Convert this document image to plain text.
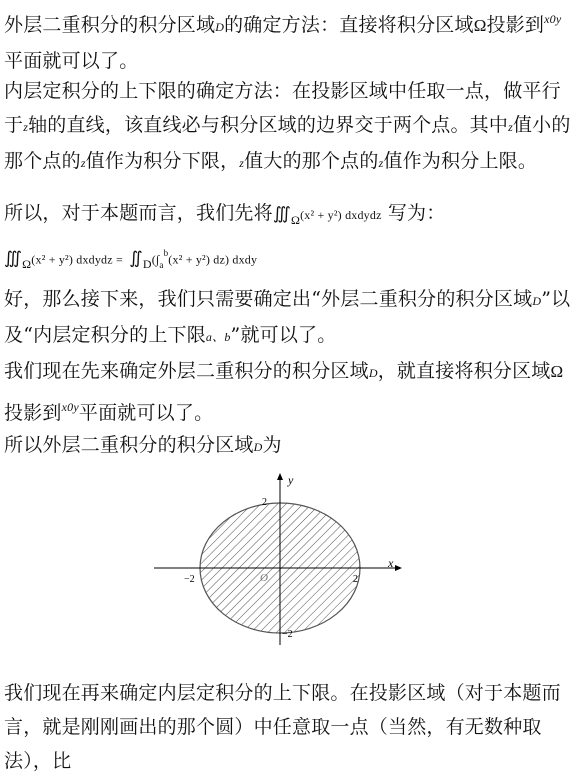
外层二重积分的积分区域D的确定方法：直接将积分区域Ω投影到$^{x0y}$平面就可以了。
内层定积分的上下限的确定方法：在投影区域中任取一点，做平行于z轴的直线，该直线必与积分区域的边界交于两个点。其中z值小的那个点的z值作为积分下限，z值大的那个点的z值作为积分上限。
所以，对于本题而言，我们先将$∭_\Omega(x^2 + y^2)$ dxdydz 写为：
$∭_\Omega(x^2 + y^2)$ dxdydz = $∬_D(\int_a^b(x^2 + y^2)$ dz) dxdy
好，那么接下来，我们只需要确定出“外层二重积分的积分区域D”以及“内层定积分的上下限a、b”就可以了。
我们现在先来确定外层二重积分的积分区域D，就直接将积分区域Ω投影到$^{x0y}$平面就可以了。
所以外层二重积分的积分区域D为
y
x
O
2
−2
−2	2
我们现在再来确定内层定积分的上下限。在投影区域（对于本题而言，就是刚刚画出的那个圆）中任意取一点（当然，有无数种取法），比
